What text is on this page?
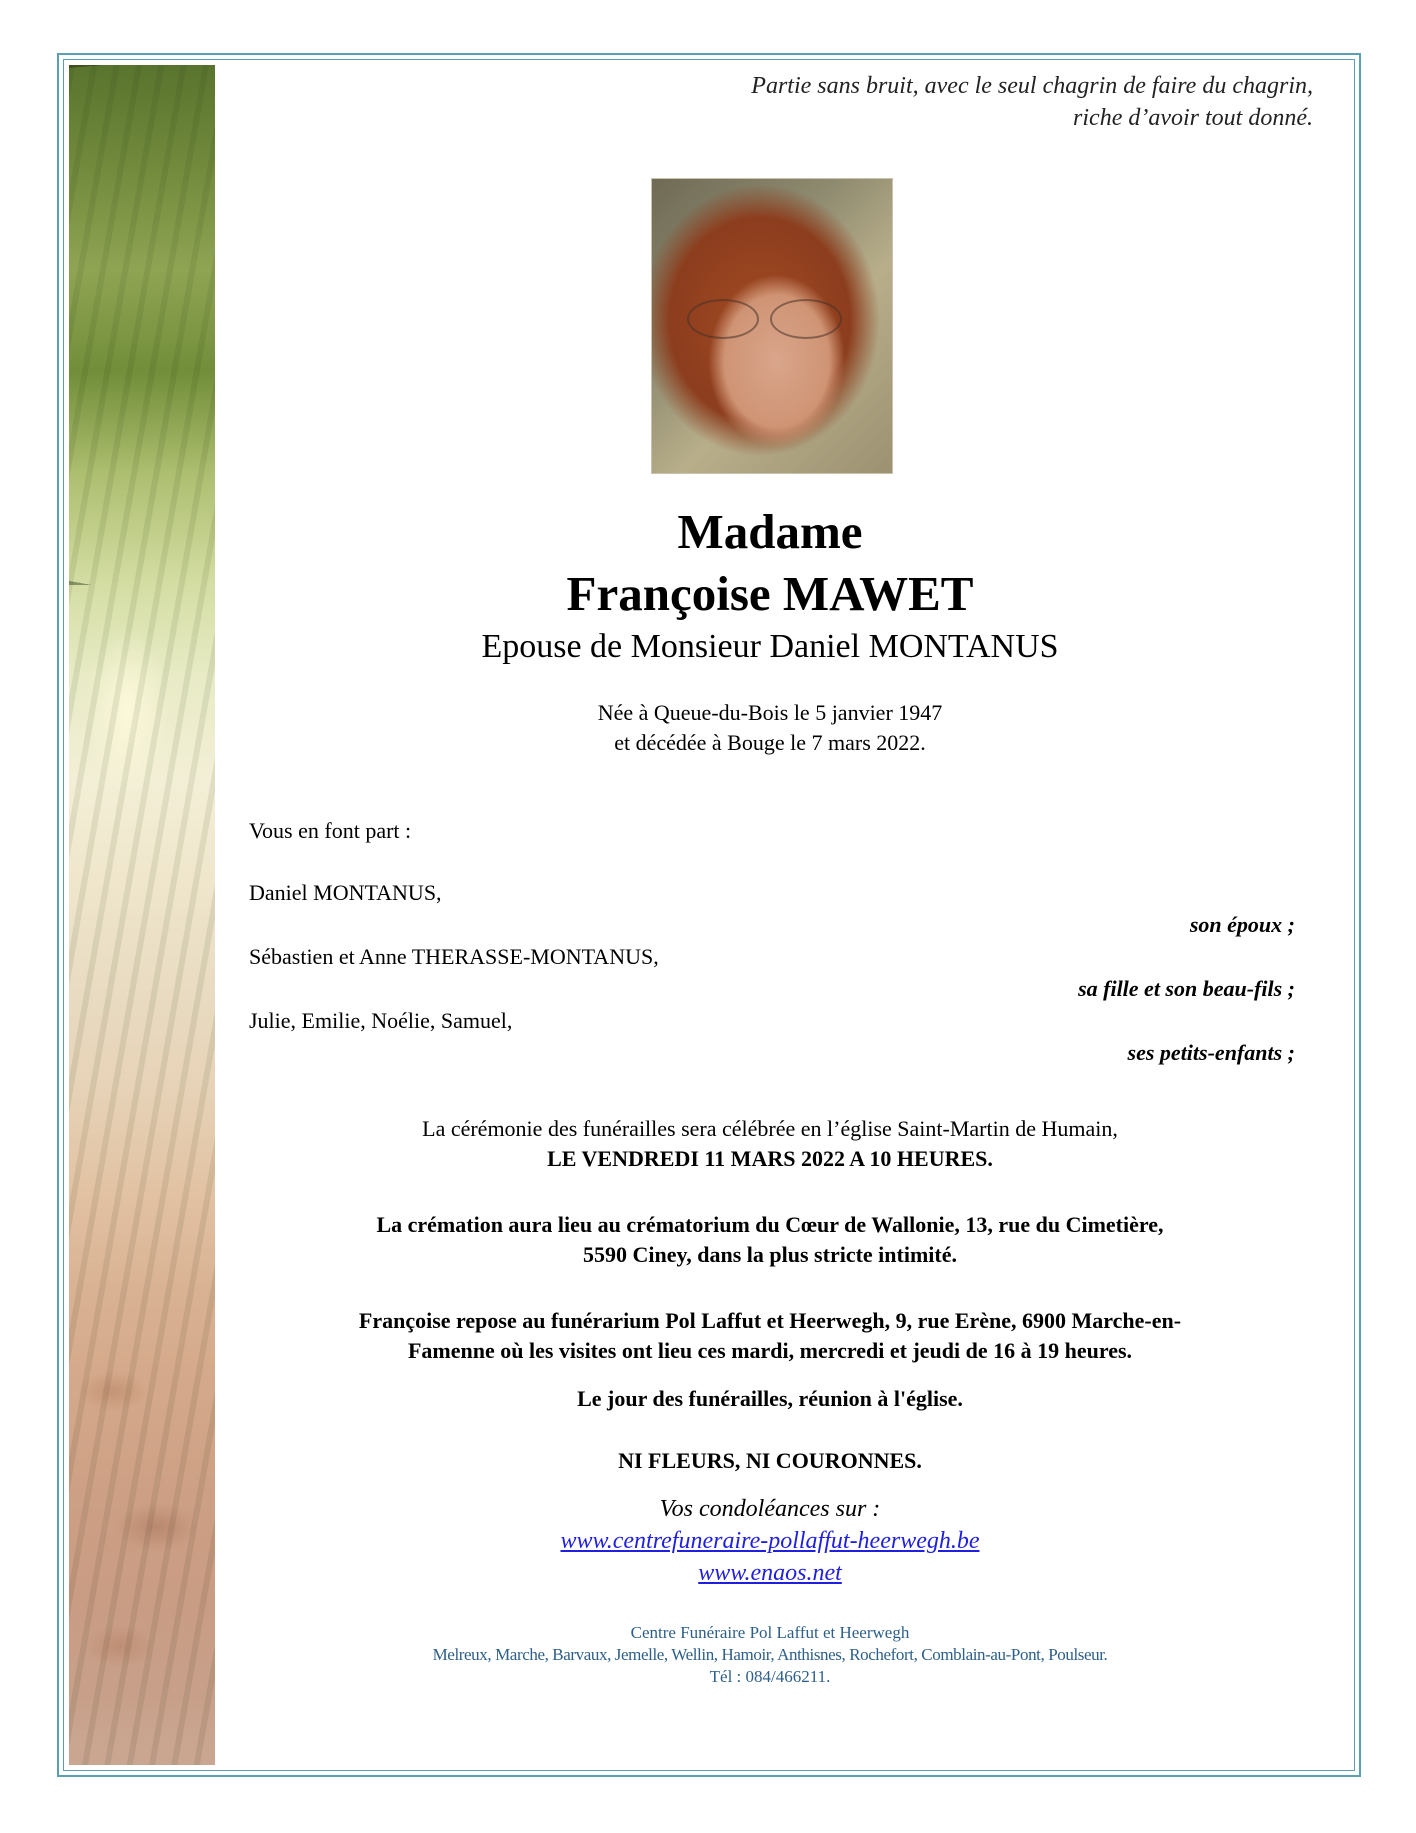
Partie sans bruit, avec le seul chagrin de faire du chagrin,
riche d’avoir tout donné.
Madame
Françoise MAWET
Epouse de Monsieur Daniel MONTANUS
Née à Queue-du-Bois le 5 janvier 1947
et décédée à Bouge le 7 mars 2022.
Vous en font part :
Daniel MONTANUS,
son époux ;
Sébastien et Anne THERASSE-MONTANUS,
sa fille et son beau-fils ;
Julie, Emilie, Noélie, Samuel,
ses petits-enfants ;
La cérémonie des funérailles sera célébrée en l’église Saint-Martin de Humain,
LE VENDREDI 11 MARS 2022 A 10 HEURES.
La crémation aura lieu au crématorium du Cœur de Wallonie, 13, rue du Cimetière,
5590 Ciney, dans la plus stricte intimité.
Françoise repose au funérarium Pol Laffut et Heerwegh, 9, rue Erène, 6900 Marche-en-
Famenne où les visites ont lieu ces mardi, mercredi et jeudi de 16 à 19 heures.
Le jour des funérailles, réunion à l'église.
NI FLEURS, NI COURONNES.
Vos condoléances sur :
www.centrefuneraire-pollaffut-heerwegh.be
www.enaos.net
Centre Funéraire Pol Laffut et Heerwegh
Melreux, Marche, Barvaux, Jemelle, Wellin, Hamoir, Anthisnes, Rochefort, Comblain-au-Pont, Poulseur.
Tél : 084/466211.
